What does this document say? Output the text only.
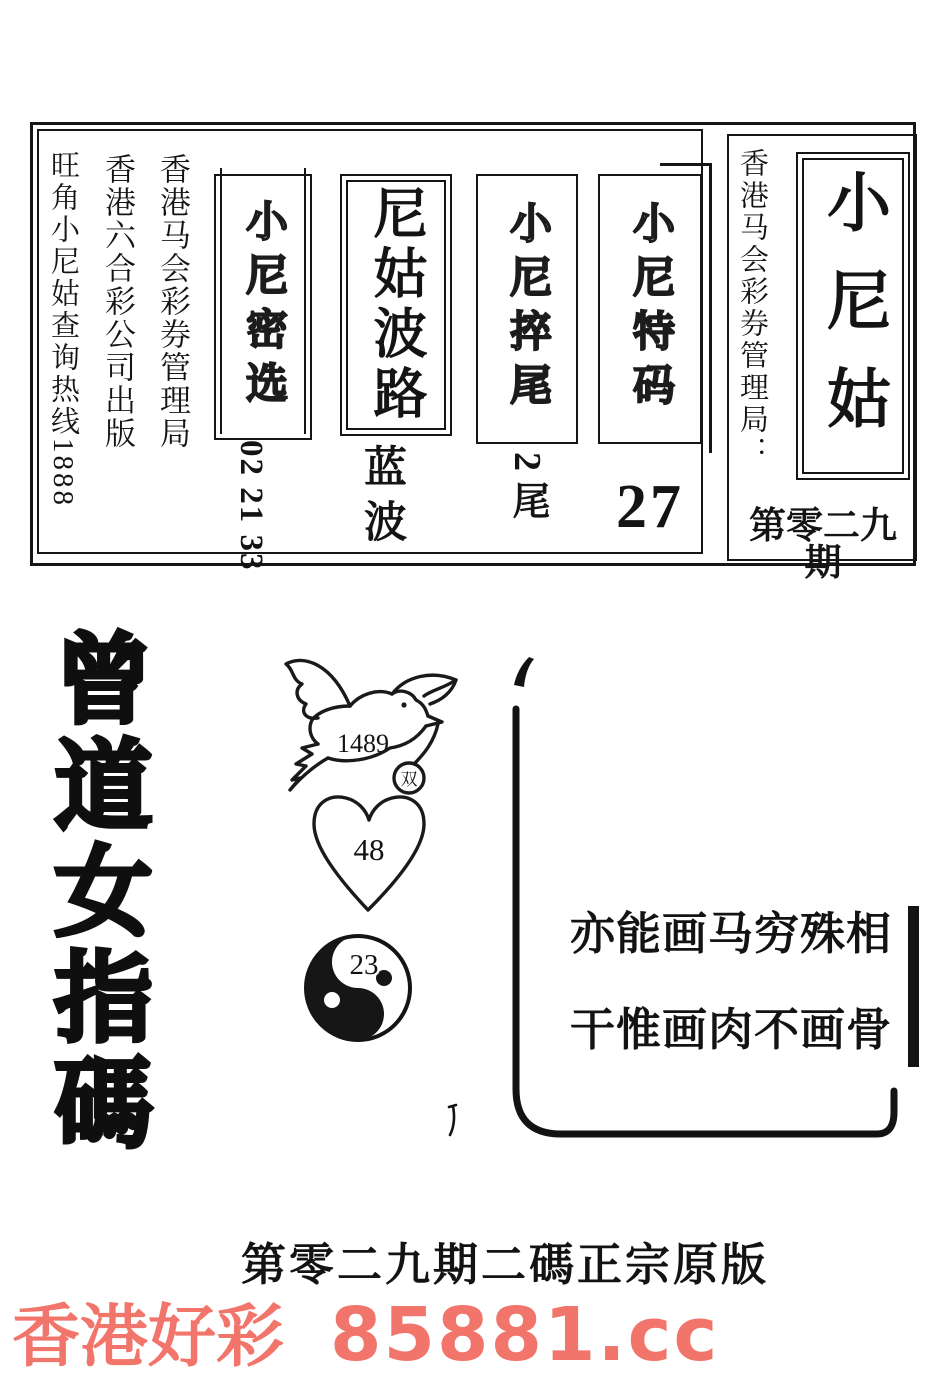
旺角小尼姑查询热线1888 香港六合彩公司出版 香港马会彩券管理局 小尼密选
02 21 33
尼姑波路
蓝波
小尼捽尾
2尾
小尼特码
27
香港马会彩券管理局： 小尼姑
第零二九期
曾道女指碼	1489
双
48
23
亦能画马穷殊相
干惟画肉不画骨
第零二九期二碼正宗原版
香港好彩 85881.cc
